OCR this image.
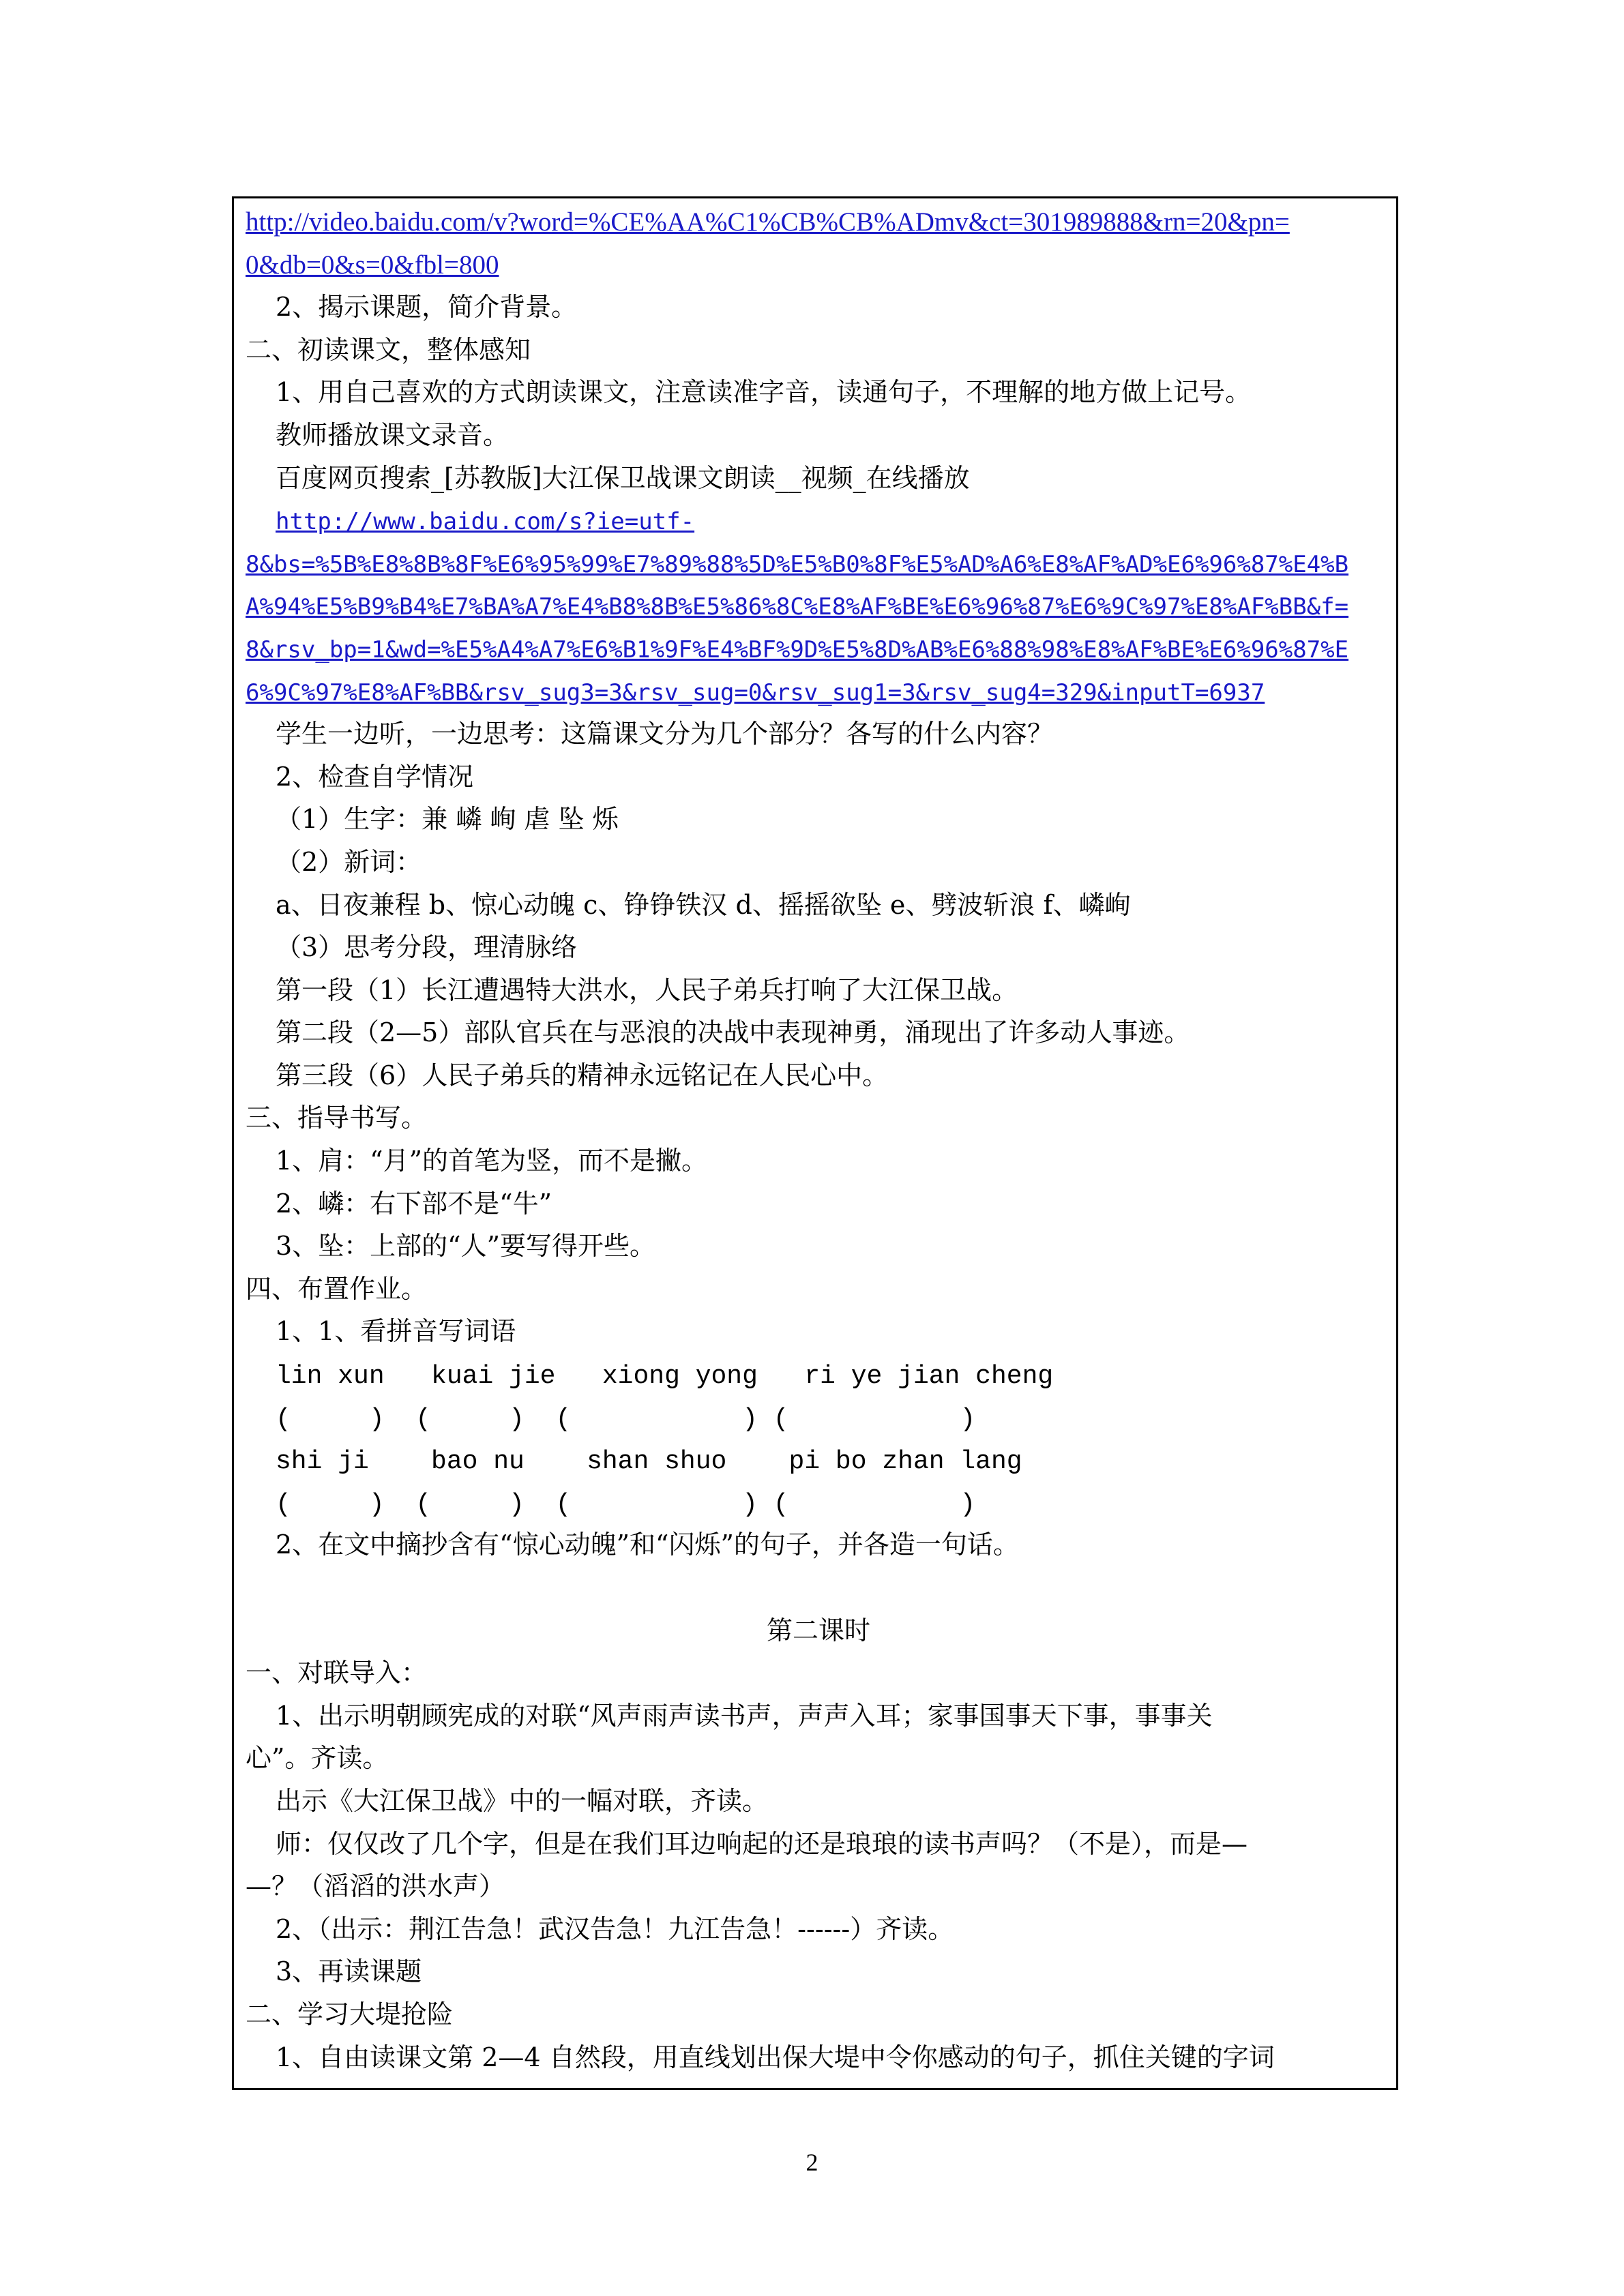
http://video.baidu.com/v?word=%CE%AA%C1%CB%CB%ADmv&ct=301989888&rn=20&pn=
0&db=0&s=0&fbl=800
2、揭示课题，简介背景。
二、初读课文，整体感知
1、用自己喜欢的方式朗读课文，注意读准字音，读通句子，不理解的地方做上记号。
教师播放课文录音。
百度网页搜索_[苏教版]大江保卫战课文朗读__视频_在线播放
http://www.baidu.com/s?ie=utf-
8&bs=%5B%E8%8B%8F%E6%95%99%E7%89%88%5D%E5%B0%8F%E5%AD%A6%E8%AF%AD%E6%96%87%E4%B
A%94%E5%B9%B4%E7%BA%A7%E4%B8%8B%E5%86%8C%E8%AF%BE%E6%96%87%E6%9C%97%E8%AF%BB&f=
8&rsv_bp=1&wd=%E5%A4%A7%E6%B1%9F%E4%BF%9D%E5%8D%AB%E6%88%98%E8%AF%BE%E6%96%87%E
6%9C%97%E8%AF%BB&rsv_sug3=3&rsv_sug=0&rsv_sug1=3&rsv_sug4=329&inputT=6937
学生一边听，一边思考：这篇课文分为几个部分？各写的什么内容？
2、检查自学情况
（1）生字：兼 嶙 峋 虐 坠 烁
（2）新词：
a、日夜兼程 b、惊心动魄 c、铮铮铁汉 d、摇摇欲坠 e、劈波斩浪 f、嶙峋
（3）思考分段，理清脉络
第一段（1）长江遭遇特大洪水，人民子弟兵打响了大江保卫战。
第二段（2—5）部队官兵在与恶浪的决战中表现神勇，涌现出了许多动人事迹。
第三段（6）人民子弟兵的精神永远铭记在人民心中。
三、指导书写。
1、肩：“月”的首笔为竖，而不是撇。
2、嶙：右下部不是“牛”
3、坠：上部的“人”要写得开些。
四、布置作业。
1、1、看拼音写词语
lin xun   kuai jie   xiong yong   ri ye jian cheng
(     )  (     )  (           ) (           )
shi ji    bao nu    shan shuo    pi bo zhan lang
(     )  (     )  (           ) (           )
2、在文中摘抄含有“惊心动魄”和“闪烁”的句子，并各造一句话。
第二课时
一、对联导入：
1、出示明朝顾宪成的对联“风声雨声读书声，声声入耳；家事国事天下事，事事关
心”。齐读。
出示《大江保卫战》中的一幅对联，齐读。
师：仅仅改了几个字，但是在我们耳边响起的还是琅琅的读书声吗？（不是），而是—
—？（滔滔的洪水声）
2、（出示：荆江告急！武汉告急！九江告急！------）齐读。
3、再读课题
二、学习大堤抢险
1、自由读课文第 2—4 自然段，用直线划出保大堤中令你感动的句子，抓住关键的字词
2
